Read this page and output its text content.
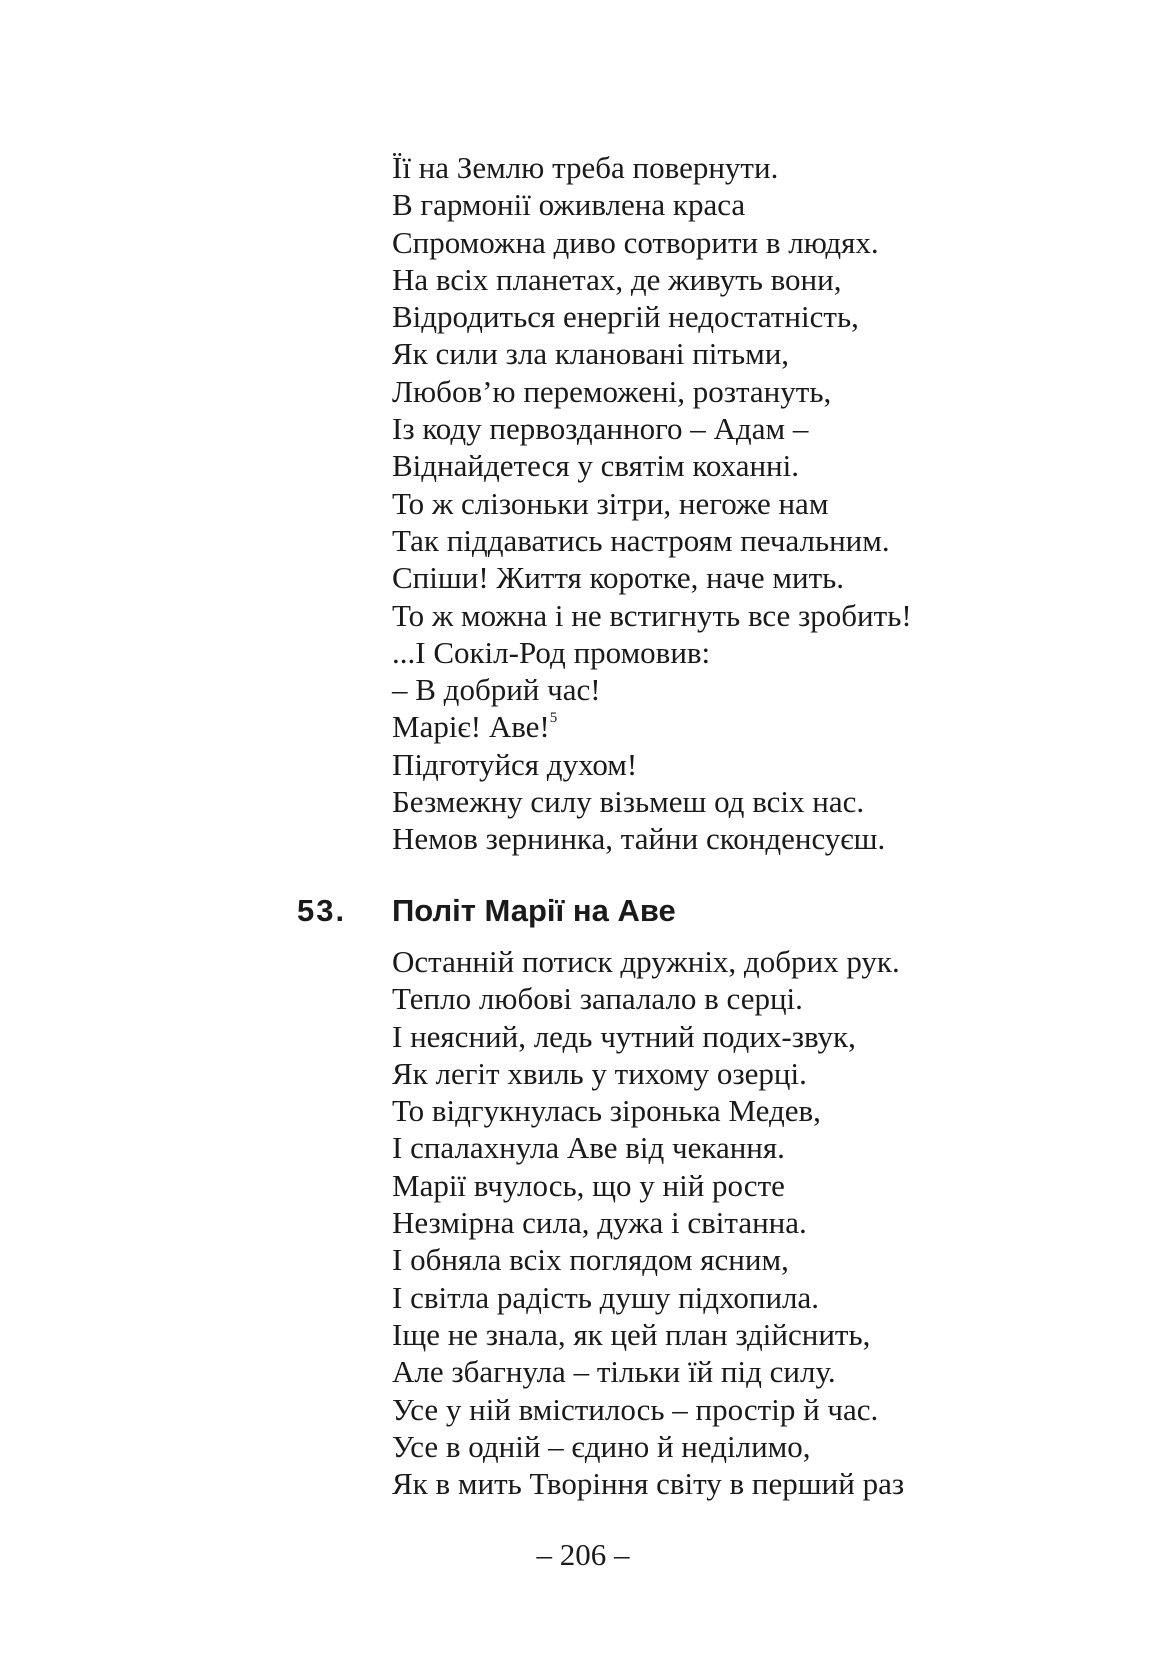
Її на Землю треба повернути.
В гармонії оживлена краса
Спроможна диво сотворити в людях.
На всіх планетах, де живуть вони,
Відродиться енергій недостатність,
Як сили зла клановані пітьми,
Любов’ю переможені, розтануть,
Із коду первозданного – Адам –
Віднайдетеся у святім коханні.
То ж слізоньки зітри, негоже нам
Так піддаватись настроям печальним.
Спіши! Життя коротке, наче мить.
То ж можна і не встигнуть все зробить!
...І Сокіл-Род промовив:
– В добрий час!
Марiє! Аве!$^5$
Підготуйся духом!
Безмежну силу візьмеш од всіх нас.
Немов зернинка, тайни сконденсуєш.
53.	Політ Марії на Аве
Останній потиск дружніх, добрих рук.
Тепло любові запалало в серці.
І неясний, ледь чутний подих-звук,
Як легіт хвиль у тихому озерці.
То відгукнулась зіронька Медев,
І спалахнула Аве від чекання.
Марії вчулось, що у ній росте
Незмірна сила, дужа і світанна.
І обняла всіх поглядом ясним,
І світла радість душу підхопила.
Іще не знала, як цей план здійснить,
Але збагнула – тільки їй під силу.
Усе у ній вмістилось – простір й час.
Усе в одній – єдино й неділимо,
Як в мить Творіння світу в перший раз
– 206 –
